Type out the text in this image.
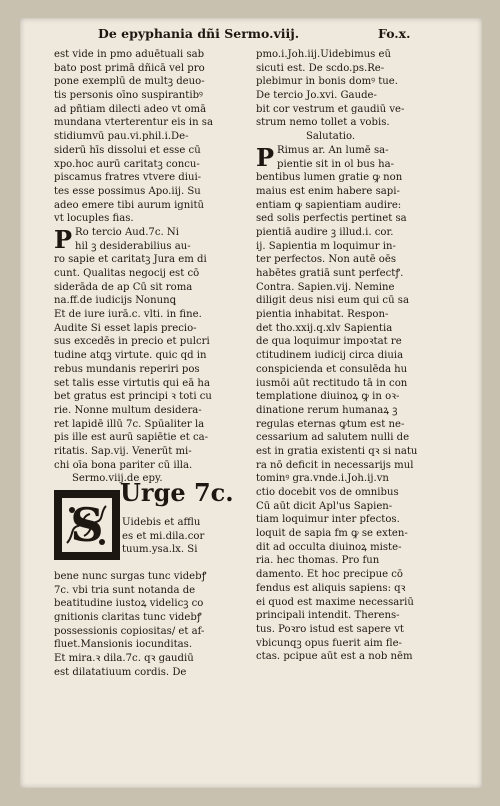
De epyphania dñi Sermo.viij.	Fo.x.
est vide in pmo aduētuali sab
bato post primā dñicā vel pro
pone exemplū de multꝫ deuo-
tis personis oīno suspirantibꝰ
ad pñtiam dilecti adeo vt omā
mundana vterterentur eis in sa
stidiumvū pau.vi.phil.i.De-
siderū hīs dissolui et esse cū
xpo.hoc aurū caritatꝫ concu-
piscamus fratres vtvere diui-
tes esse possimus Apo.iij. Su
adeo emere tibi aurum ignitū
vt locuples fias.
P Ro tercio Aud.7c. Ni
hil ꝫ desiderabilius au-
ro sapie et caritatꝫ Jura em di
cunt. Qualitas negocij est cō
siderāda de ap Cū sit roma
na.ff.de iudicijs Nonunꝗ
Et de iure iurā.c. vlti. in fine.
Audite Si esset lapis precio-
sus excedēs in precio et pulcri
tudine atqꝫ virtute. quic qd in
rebus mundanis reperiri pos
set talis esse virtutis qui eā ha
bet gratus est principi ꝛ toti cu
rie. Nonne multum desidera-
ret lapidē illū 7c. Spūaliter la
pis ille est aurū sapiētie et ca-
ritatis. Sap.vij. Venerūt mi-
chi oīa bona pariter cū illa.
Sermo.viij.de epy.
S
Urge 7c.
Uidebis et afflu
es et mi.dila.cor
tuum.ysa.lx. Si
bene nunc surgas tunc videbꝭ
7c. vbi tria sunt notanda de
beatitudine iustoꝝ videlicꝫ co
gnitionis claritas tunc videbꝭ
possessionis copiositas/ et af-
fluet.Mansionis iocunditas.
Et mira.ꝛ dila.7c. qꝛ gaudiū
est dilatatiuum cordis. De
pmo.i.Joh.iij.Uidebimus eū
sicuti est. De scdo.ps.Re-
plebimur in bonis domꝰ tue.
De tercio Jo.xvi. Gaude-
bit cor vestrum et gaudiū ve-
strum nemo tollet a vobis.
Salutatio.
P Rimus ar. An lumē sa-
pientie sit in ol bus ha-
bentibus lumen gratie ꝙ non
maius est enim habere sapi-
entiam ꝙ sapientiam audire:
sed solis perfectis pertinet sa
pientiā audire ꝫ illud.i. cor.
ij. Sapientia m loquimur in-
ter perfectos. Non autē oēs
habētes gratiā sunt perfectꝭ.
Contra. Sapien.vij. Nemine
diligit deus nisi eum qui cū sa
pientia inhabitat. Respon-
det tho.xxij.q.xlv Sapientia
de qua loquimur impoꝛtat re
ctitudinem iudicij circa diuia
conspicienda et consulēda hu
iusmōi aūt rectitudo tā in con
templatione diuinoꝝ ꝙ in oꝛ-
dinatione rerum humanaꝝ ꝫ
regulas eternas ꝙtum est ne-
cessarium ad salutem nulli de
est in gratia existenti qꝛ si natu
ra nō deficit in necessarijs mul
tominꝰ gra.vnde.i.Joh.ij.vn
ctio docebit vos de omnibus
Cū aūt dicit Apl'us Sapien-
tiam loquimur inter pfectos.
loquit̄ de sapia fm ꝙ se exten-
dit ad occulta diuinoꝝ miste-
ria. hec thomas. Pro fun
damento. Et hoc precipue cō
fendus est aliquis sapiens: qꝛ
ei quod est maxime necessariū
principali intendit. Therens-
tus. Poꝛro istud est sapere vt
vbicunqꝫ opus fuerit aim fle-
ctas. pcipue aūt est a nob nēm
